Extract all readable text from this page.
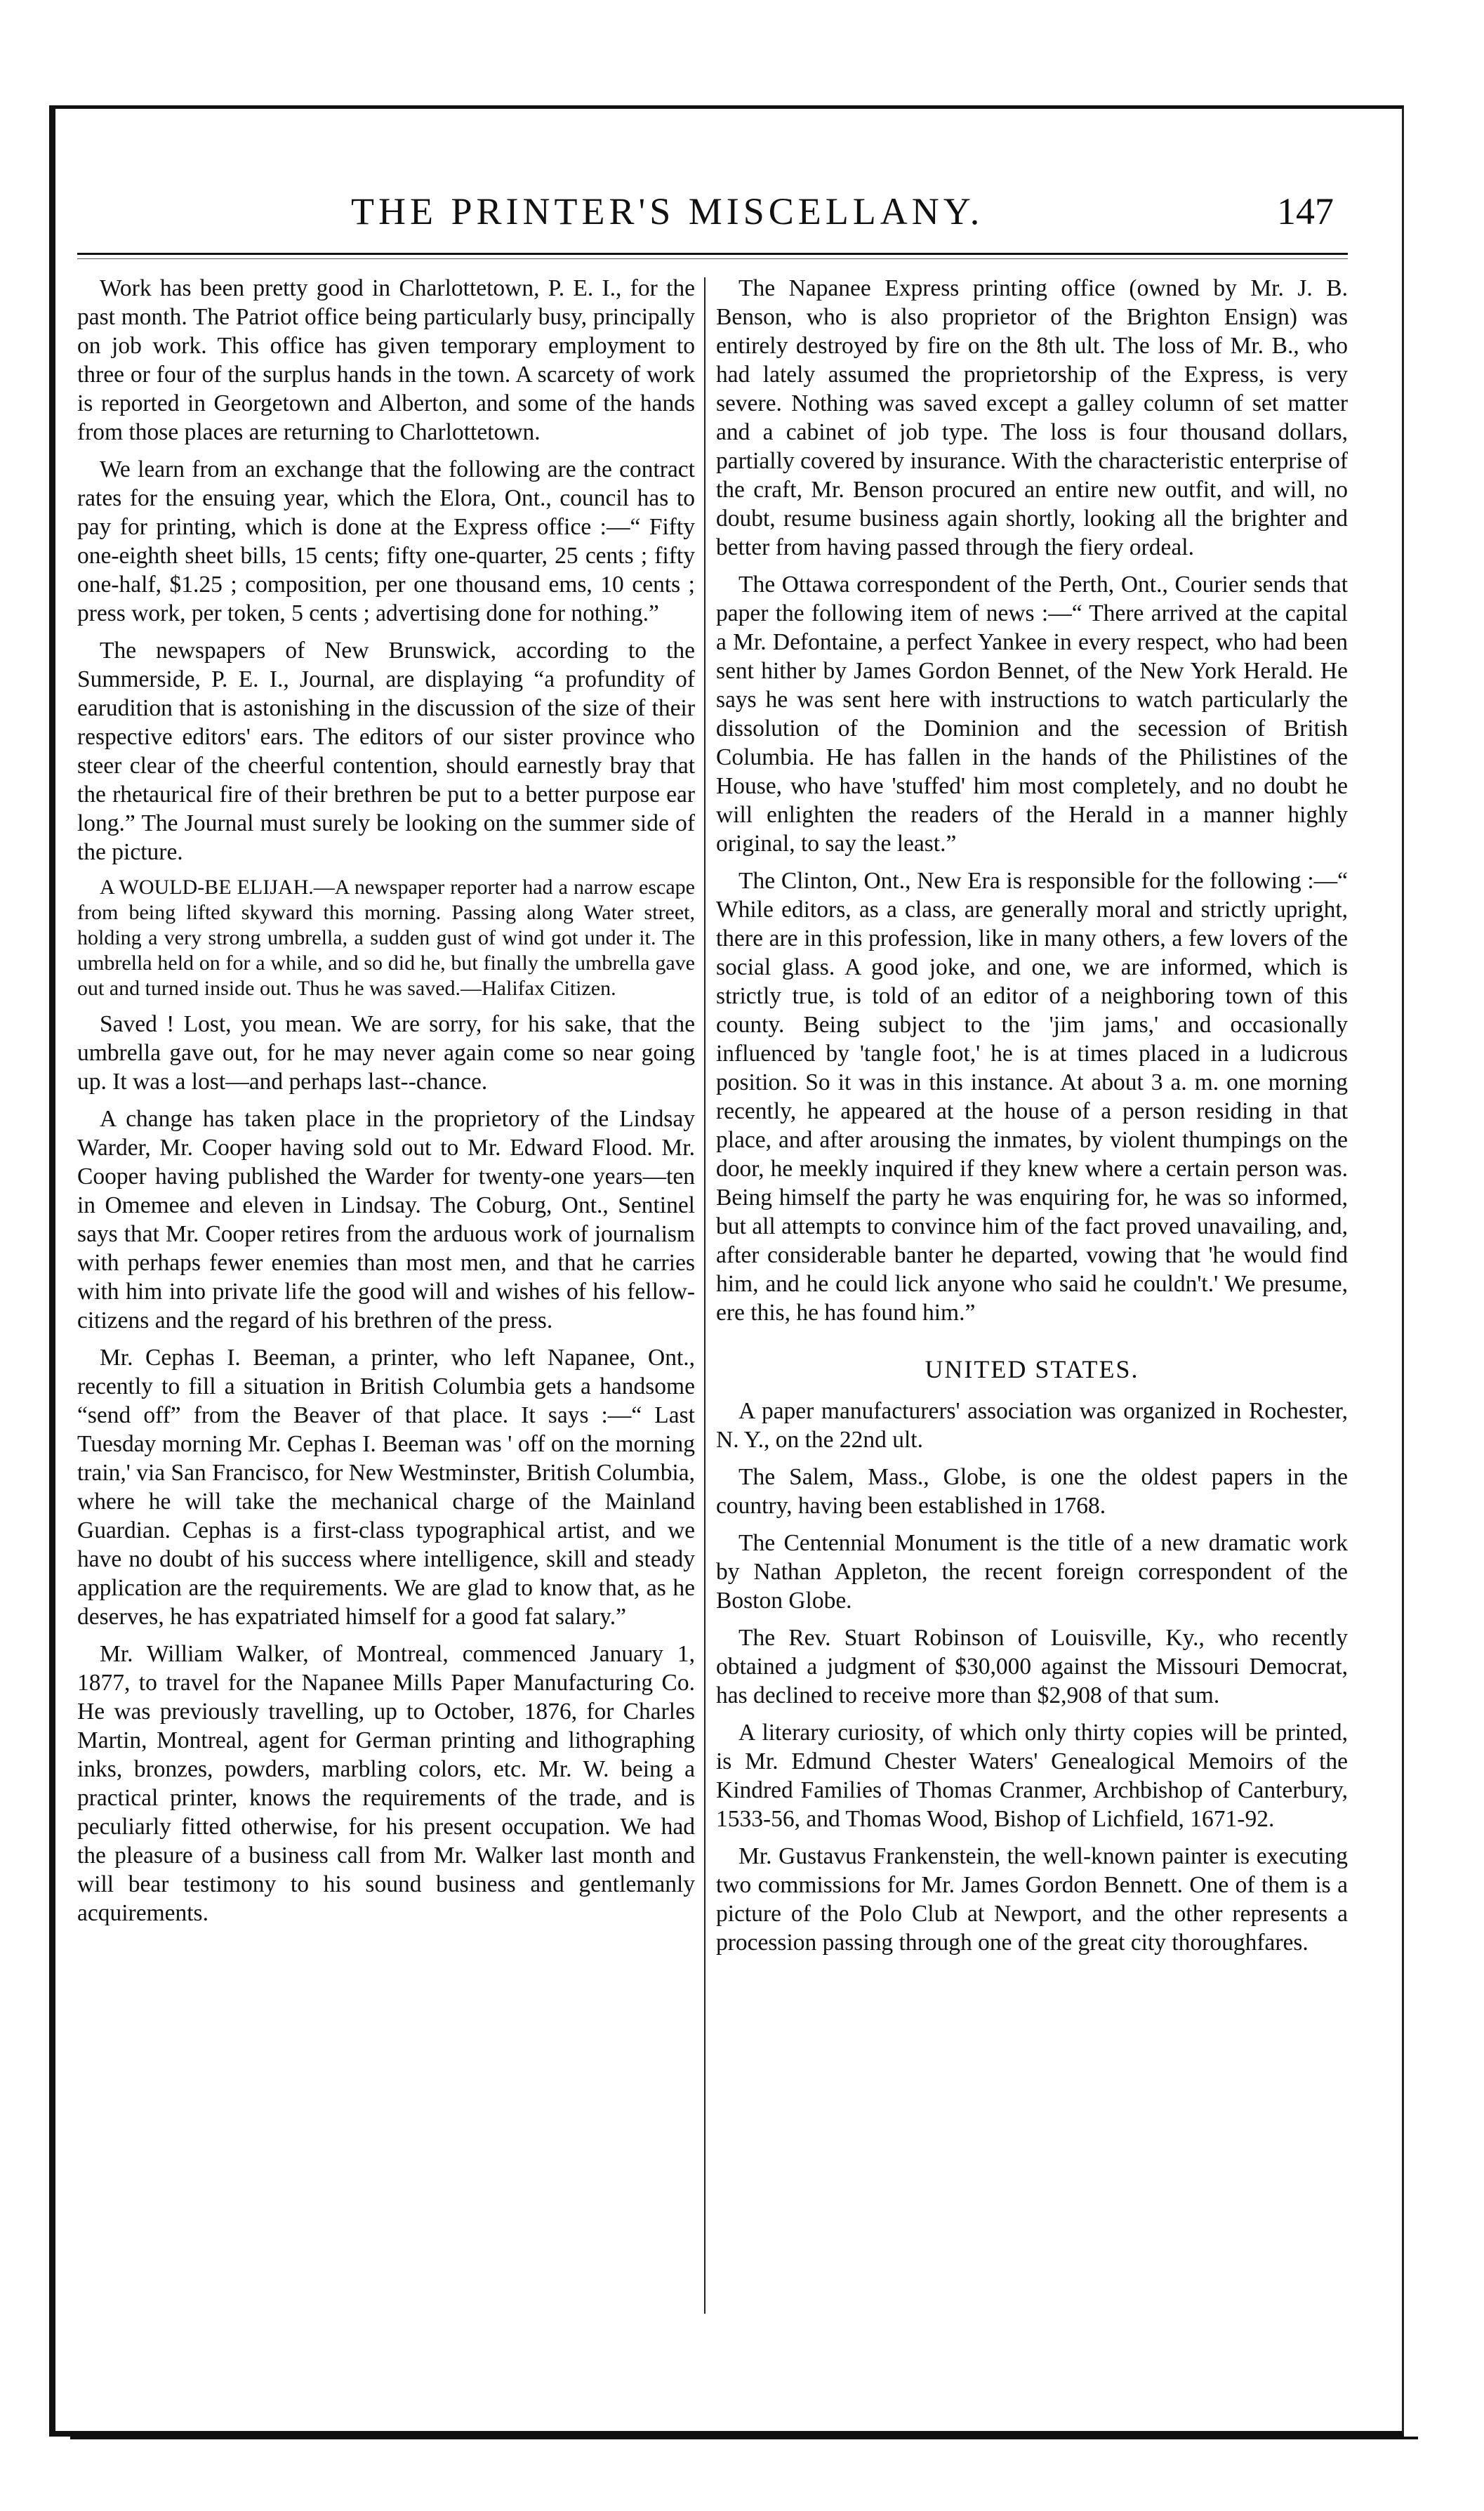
THE PRINTER'S MISCELLANY.	147

Work has been pretty good in Charlottetown, P. E. I., for the past month. The Patriot office being particularly busy, principally on job work. This office has given temporary employment to three or four of the surplus hands in the town. A scarcety of work is reported in Georgetown and Alberton, and some of the hands from those places are returning to Charlottetown.

We learn from an exchange that the following are the contract rates for the ensuing year, which the Elora, Ont., council has to pay for printing, which is done at the Express office :—“ Fifty one-eighth sheet bills, 15 cents; fifty one-quarter, 25 cents ; fifty one-half, $1.25 ; composition, per one thousand ems, 10 cents ; press work, per token, 5 cents ; advertising done for nothing.”

The newspapers of New Brunswick, according to the Summerside, P. E. I., Journal, are displaying “a profundity of earudition that is astonishing in the discussion of the size of their respective editors' ears. The editors of our sister province who steer clear of the cheerful contention, should earnestly bray that the rhetaurical fire of their brethren be put to a better purpose ear long.” The Journal must surely be looking on the summer side of the picture.

A WOULD-BE ELIJAH.—A newspaper reporter had a narrow escape from being lifted skyward this morning. Passing along Water street, holding a very strong umbrella, a sudden gust of wind got under it. The umbrella held on for a while, and so did he, but finally the umbrella gave out and turned inside out. Thus he was saved.—Halifax Citizen.

Saved ! Lost, you mean. We are sorry, for his sake, that the umbrella gave out, for he may never again come so near going up. It was a lost—and perhaps last--chance.

A change has taken place in the proprietory of the Lindsay Warder, Mr. Cooper having sold out to Mr. Edward Flood. Mr. Cooper having published the Warder for twenty-one years—ten in Omemee and eleven in Lindsay. The Coburg, Ont., Sentinel says that Mr. Cooper retires from the arduous work of journalism with perhaps fewer enemies than most men, and that he carries with him into private life the good will and wishes of his fellow-citizens and the regard of his brethren of the press.

Mr. Cephas I. Beeman, a printer, who left Napanee, Ont., recently to fill a situation in British Columbia gets a handsome “send off” from the Beaver of that place. It says :—“ Last Tuesday morning Mr. Cephas I. Beeman was ' off on the morning train,' via San Francisco, for New Westminster, British Columbia, where he will take the mechanical charge of the Mainland Guardian. Cephas is a first-class typographical artist, and we have no doubt of his success where intelligence, skill and steady application are the requirements. We are glad to know that, as he deserves, he has expatriated himself for a good fat salary.”

Mr. William Walker, of Montreal, commenced January 1, 1877, to travel for the Napanee Mills Paper Manufacturing Co. He was previously travelling, up to October, 1876, for Charles Martin, Montreal, agent for German printing and lithographing inks, bronzes, powders, marbling colors, etc. Mr. W. being a practical printer, knows the requirements of the trade, and is peculiarly fitted otherwise, for his present occupation. We had the pleasure of a business call from Mr. Walker last month and will bear testimony to his sound business and gentlemanly acquirements.

The Napanee Express printing office (owned by Mr. J. B. Benson, who is also proprietor of the Brighton Ensign) was entirely destroyed by fire on the 8th ult. The loss of Mr. B., who had lately assumed the proprietorship of the Express, is very severe. Nothing was saved except a galley column of set matter and a cabinet of job type. The loss is four thousand dollars, partially covered by insurance. With the characteristic enterprise of the craft, Mr. Benson procured an entire new outfit, and will, no doubt, resume business again shortly, looking all the brighter and better from having passed through the fiery ordeal.

The Ottawa correspondent of the Perth, Ont., Courier sends that paper the following item of news :—“ There arrived at the capital a Mr. Defontaine, a perfect Yankee in every respect, who had been sent hither by James Gordon Bennet, of the New York Herald. He says he was sent here with instructions to watch particularly the dissolution of the Dominion and the secession of British Columbia. He has fallen in the hands of the Philistines of the House, who have 'stuffed' him most completely, and no doubt he will enlighten the readers of the Herald in a manner highly original, to say the least.”

The Clinton, Ont., New Era is responsible for the following :—“ While editors, as a class, are generally moral and strictly upright, there are in this profession, like in many others, a few lovers of the social glass. A good joke, and one, we are informed, which is strictly true, is told of an editor of a neighboring town of this county. Being subject to the 'jim jams,' and occasionally influenced by 'tangle foot,' he is at times placed in a ludicrous position. So it was in this instance. At about 3 a. m. one morning recently, he appeared at the house of a person residing in that place, and after arousing the inmates, by violent thumpings on the door, he meekly inquired if they knew where a certain person was. Being himself the party he was enquiring for, he was so informed, but all attempts to convince him of the fact proved unavailing, and, after considerable banter he departed, vowing that 'he would find him, and he could lick anyone who said he couldn't.' We presume, ere this, he has found him.”

UNITED STATES.

A paper manufacturers' association was organized in Rochester, N. Y., on the 22nd ult.

The Salem, Mass., Globe, is one the oldest papers in the country, having been established in 1768.

The Centennial Monument is the title of a new dramatic work by Nathan Appleton, the recent foreign correspondent of the Boston Globe.

The Rev. Stuart Robinson of Louisville, Ky., who recently obtained a judgment of $30,000 against the Missouri Democrat, has declined to receive more than $2,908 of that sum.

A literary curiosity, of which only thirty copies will be printed, is Mr. Edmund Chester Waters' Genealogical Memoirs of the Kindred Families of Thomas Cranmer, Archbishop of Canterbury, 1533-56, and Thomas Wood, Bishop of Lichfield, 1671-92.

Mr. Gustavus Frankenstein, the well-known painter is executing two commissions for Mr. James Gordon Bennett. One of them is a picture of the Polo Club at Newport, and the other represents a procession passing through one of the great city thoroughfares.
